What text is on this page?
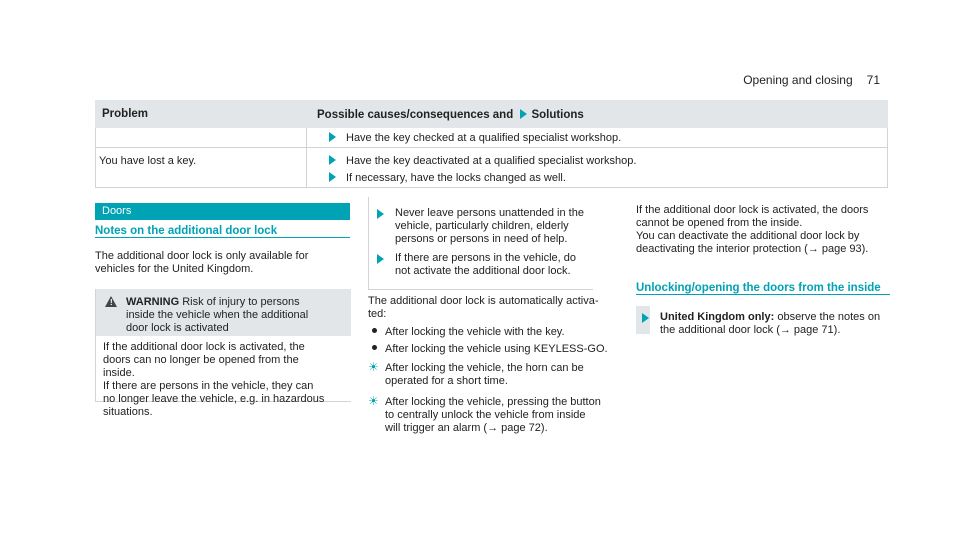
Opening and closing 71
Problem	Possible causes/consequences and Solutions
Have the key checked at a qualified specialist workshop.
You have lost a key.	Have the key deactivated at a qualified specialist workshop.
If necessary, have the locks changed as well.
Doors
Notes on the additional door lock
The additional door lock is only available for
vehicles for the United Kingdom.
! WARNING Risk of injury to persons
inside the vehicle when the additional
door lock is activated
If the additional door lock is activated, the
doors can no longer be opened from the
inside.
If there are persons in the vehicle, they can
no longer leave the vehicle, e.g. in hazardous
situations.
Never leave persons unattended in the
vehicle, particularly children, elderly
persons or persons in need of help.
If there are persons in the vehicle, do
not activate the additional door lock.
The additional door lock is automatically activa-
ted:
After locking the vehicle with the key.
After locking the vehicle using KEYLESS-GO.
☀ After locking the vehicle, the horn can be
operated for a short time.
☀ After locking the vehicle, pressing the button
to centrally unlock the vehicle from inside
will trigger an alarm (→ page 72).
If the additional door lock is activated, the doors
cannot be opened from the inside.
You can deactivate the additional door lock by
deactivating the interior protection (→ page 93).
Unlocking/opening the doors from the inside
United Kingdom only: observe the notes on
the additional door lock (→ page 71).
